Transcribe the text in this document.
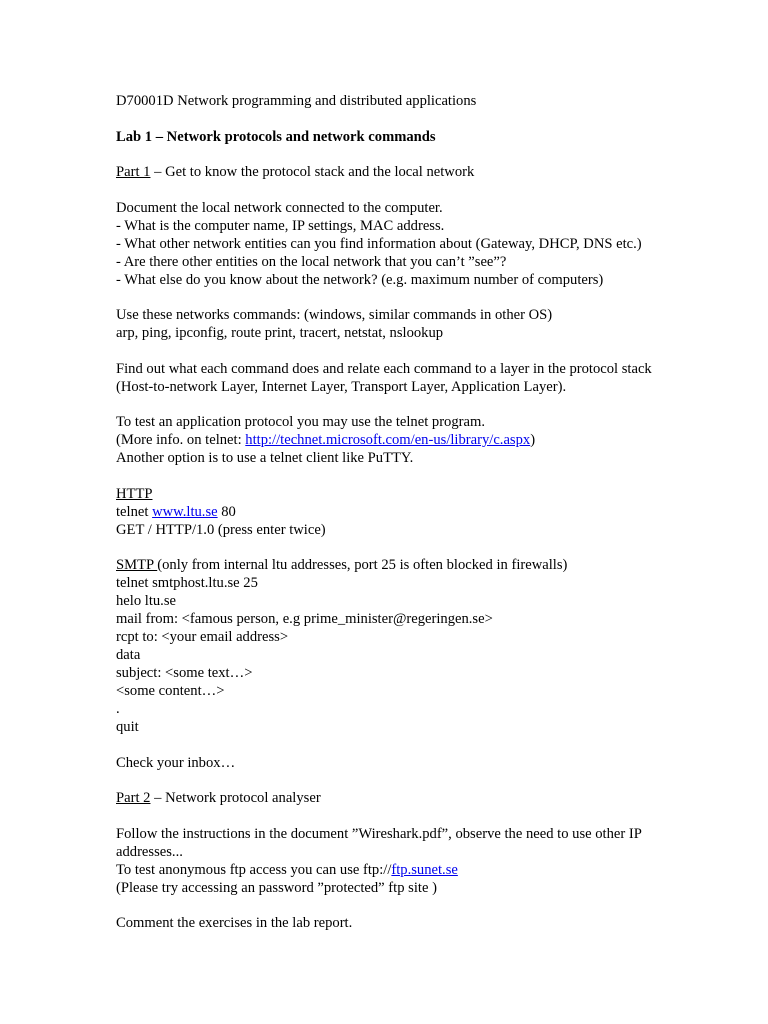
D70001D Network programming and distributed applications
Lab 1 – Network protocols and network commands
Part 1 – Get to know the protocol stack and the local network
Document the local network connected to the computer.
- What is the computer name, IP settings, MAC address.
- What other network entities can you find information about (Gateway, DHCP, DNS etc.)
- Are there other entities on the local network that you can’t ”see”?
- What else do you know about the network? (e.g. maximum number of computers)
Use these networks commands: (windows, similar commands in other OS)
arp, ping, ipconfig, route print, tracert, netstat, nslookup
Find out what each command does and relate each command to a layer in the protocol stack (Host-to-network Layer, Internet Layer, Transport Layer, Application Layer).
To test an application protocol you may use the telnet program.
(More info. on telnet: http://technet.microsoft.com/en-us/library/c.aspx)
Another option is to use a telnet client like PuTTY.
HTTP
telnet www.ltu.se 80
GET / HTTP/1.0 (press enter twice)
SMTP (only from internal ltu addresses, port 25 is often blocked in firewalls)
telnet smtphost.ltu.se 25
helo ltu.se
mail from: <famous person, e.g prime_minister@regeringen.se>
rcpt to: <your email address>
data
subject: <some text…>
<some content…>
.
quit
Check your inbox…
Part 2 – Network protocol analyser
Follow the instructions in the document ”Wireshark.pdf”, observe the need to use other IP addresses...
To test anonymous ftp access you can use ftp://ftp.sunet.se
(Please try accessing an password ”protected” ftp site )
Comment the exercises in the lab report.
